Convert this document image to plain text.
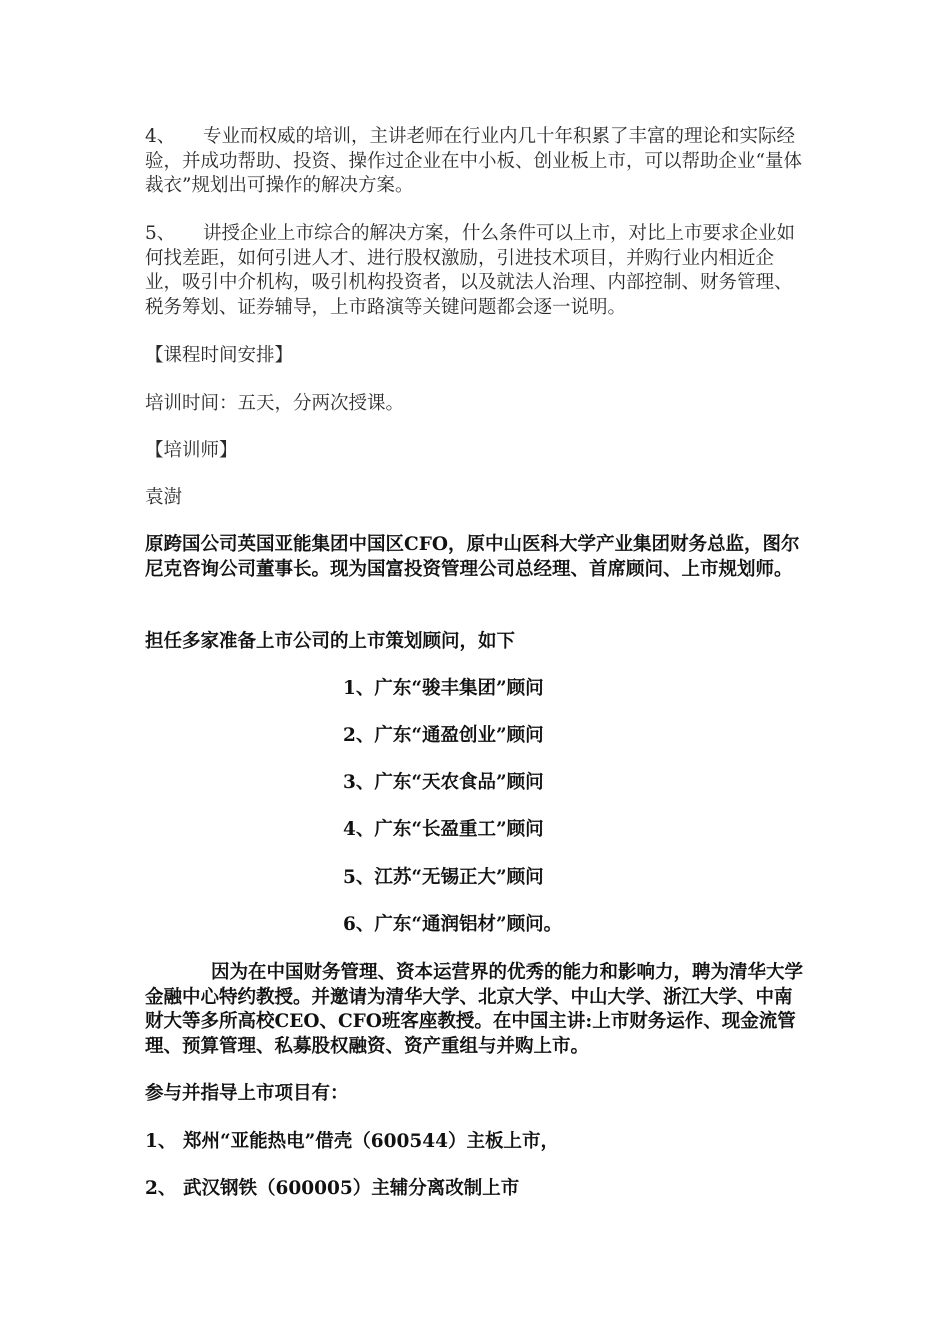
4、 专业而权威的培训，主讲老师在行业内几十年积累了丰富的理论和实际经验，并成功帮助、投资、操作过企业在中小板、创业板上市，可以帮助企业“量体裁衣”规划出可操作的解决方案。

5、 讲授企业上市综合的解决方案，什么条件可以上市，对比上市要求企业如何找差距，如何引进人才、进行股权激励，引进技术项目，并购行业内相近企业，吸引中介机构，吸引机构投资者，以及就法人治理、内部控制、财务管理、税务筹划、证券辅导，上市路演等关键问题都会逐一说明。

【课程时间安排】

培训时间：五天，分两次授课。

【培训师】

袁澍

原跨国公司英国亚能集团中国区CFO，原中山医科大学产业集团财务总监，图尔尼克咨询公司董事长。现为国富投资管理公司总经理、首席顾问、上市规划师。

担任多家准备上市公司的上市策划顾问，如下

1、广东“骏丰集团”顾问

2、广东“通盈创业”顾问

3、广东“天农食品”顾问

4、广东“长盈重工”顾问

5、江苏“无锡正大”顾问

6、广东“通润铝材”顾问。

因为在中国财务管理、资本运营界的优秀的能力和影响力，聘为清华大学金融中心特约教授。并邀请为清华大学、北京大学、中山大学、浙江大学、中南财大等多所高校CEO、CFO班客座教授。在中国主讲:上市财务运作、现金流管理、预算管理、私募股权融资、资产重组与并购上市。

参与并指导上市项目有：

1、 郑州“亚能热电”借壳（600544）主板上市，

2、 武汉钢铁（600005）主辅分离改制上市
